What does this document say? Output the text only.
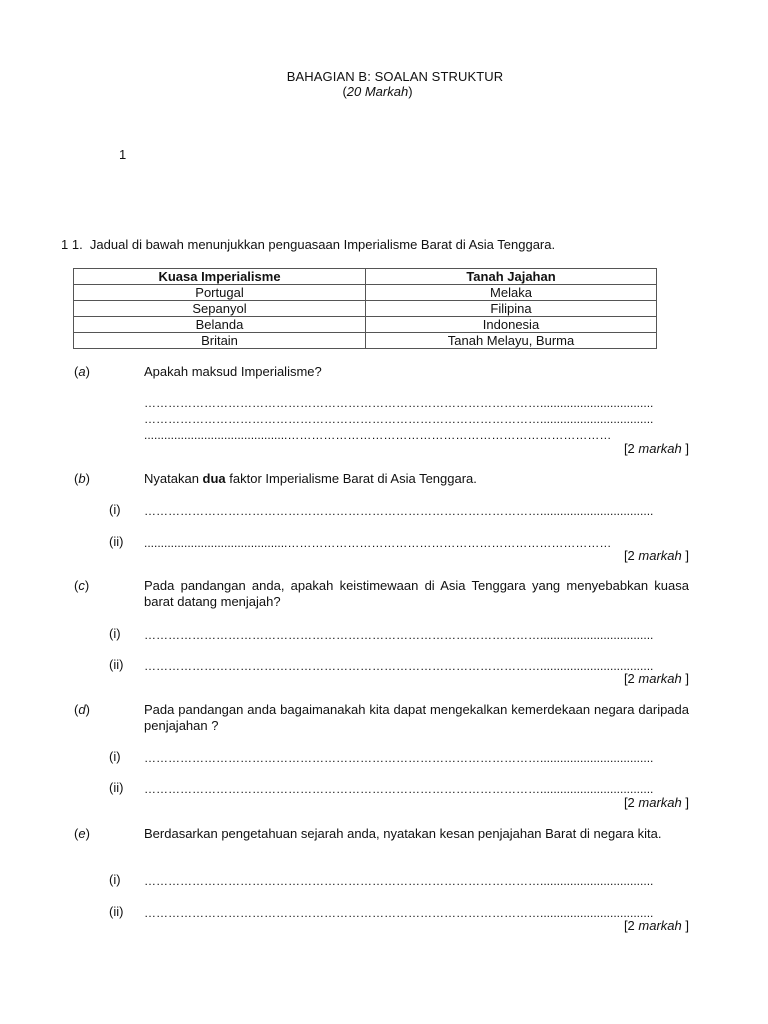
BAHAGIAN B: SOALAN STRUKTUR
(20 Markah)
1
1 1. Jadual di bawah menunjukkan penguasaan Imperialisme Barat di Asia Tenggara.
Kuasa Imperialisme	Tanah Jajahan
Portugal	Melaka
Sepanyol	Filipina
Belanda	Indonesia
Britain	Tanah Melayu, Burma
(a)	Apakah maksud Imperialisme?
………………………………………………………………………………………..................................
………………………………………………………………………………………..................................
...........................................………………………………………………………………………
[2 markah ]
(b)	Nyatakan dua faktor Imperialisme Barat di Asia Tenggara.
(i) ………………………………………………………………………………………..................................
(ii) ...........................................………………………………………………………………………
[2 markah ]
(c)	Pada pandangan anda, apakah keistimewaan di Asia Tenggara yang menyebabkan kuasa barat datang menjajah?
(i) ………………………………………………………………………………………..................................
(ii) ………………………………………………………………………………………..................................
[2 markah ]
(d)	Pada pandangan anda bagaimanakah kita dapat mengekalkan kemerdekaan negara daripada penjajahan ?
(i) ………………………………………………………………………………………..................................
(ii) ………………………………………………………………………………………..................................
[2 markah ]
(e)	Berdasarkan pengetahuan sejarah anda, nyatakan kesan penjajahan Barat di negara kita.
(i) ………………………………………………………………………………………..................................
(ii) ………………………………………………………………………………………..................................
[2 markah ]
